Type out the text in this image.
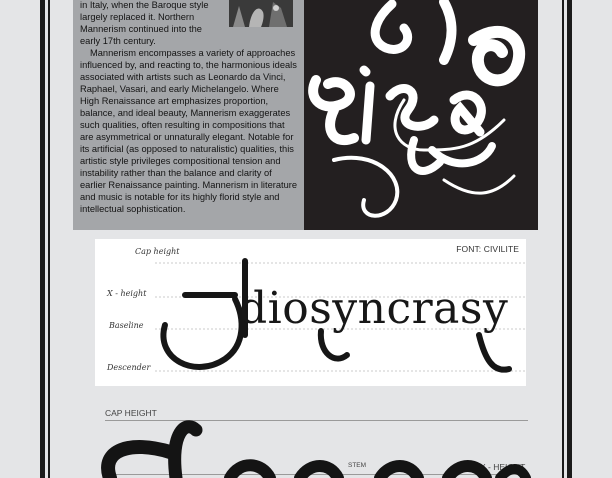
in Italy, when the Baroque style

largely replaced it. Northern

Mannerism continued into the

early 17th century.

Mannerism encompasses a variety of approaches influenced by, and reacting to, the harmonious ideals associated with artists such as Leonardo da Vinci, Raphael, Vasari, and early Michelangelo. Where High Renaissance art emphasizes proportion, balance, and ideal beauty, Mannerism exaggerates such qualities, often resulting in compositions that are asymmetrical or unnaturally elegant. Notable for its artificial (as opposed to naturalistic) qualities, this artistic style privileges compositional tension and instability rather than the balance and clarity of earlier Renaissance painting. Mannerism in literature and music is notable for its highly florid style and intellectual sophistication.

FONT: CIVILITE
Cap height
X - height
Baseline
Descender
diosyncrasy
CAP HEIGHT
STEM	X - HEIGHT
